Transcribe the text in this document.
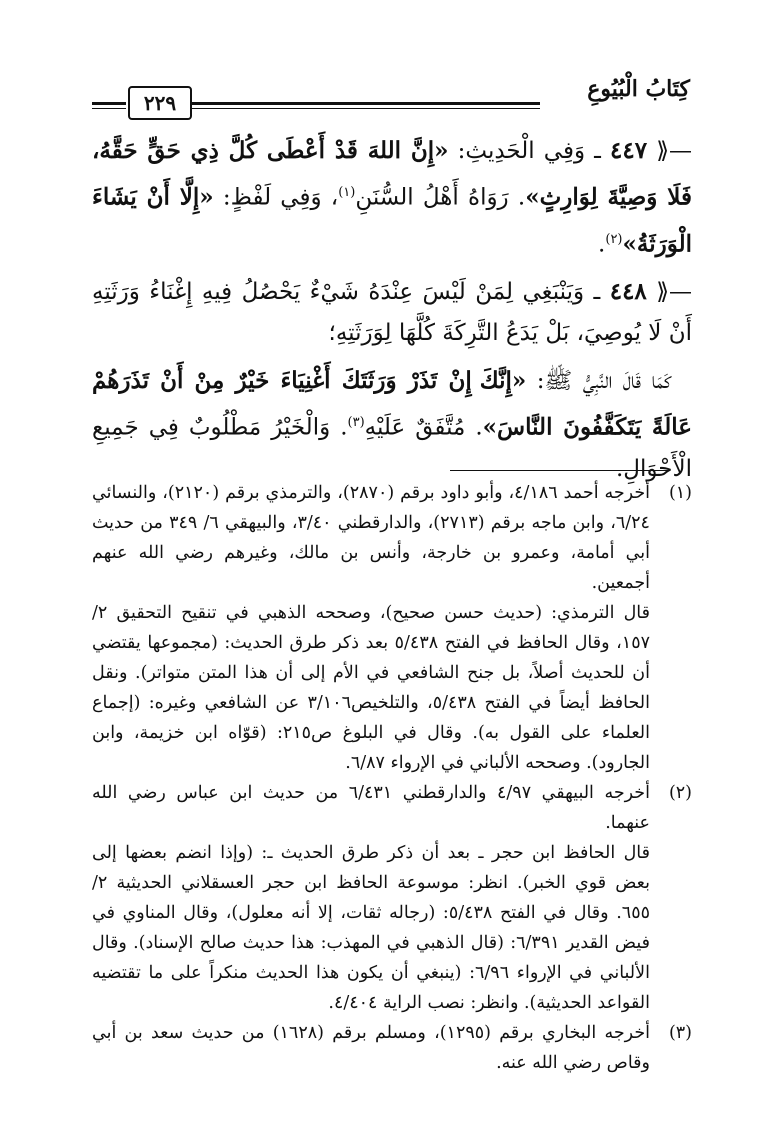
كِتَابُ الْبُيُوعِ
٢٢٩

—⟪ ٤٤٧ ـ وَفِي الْحَدِيثِ: «إِنَّ اللهَ قَدْ أَعْطَى كُلَّ ذِي حَقٍّ حَقَّهُ، فَلَا وَصِيَّةَ لِوَارِثٍ». رَوَاهُ أَهْلُ السُّنَنِ$^{(١)}$، وَفِي لَفْظٍ: «إِلَّا أَنْ يَشَاءَ الْوَرَثَةُ»$^{(٢)}$.

—⟪ ٤٤٨ ـ وَيَنْبَغِي لِمَنْ لَيْسَ عِنْدَهُ شَيْءٌ يَحْصُلُ فِيهِ إِغْنَاءُ وَرَثَتِهِ أَنْ لَا يُوصِيَ، بَلْ يَدَعُ التَّرِكَةَ كُلَّهَا لِوَرَثَتِهِ؛

كَمَا قَالَ النَّبِيُّ ﷺ: «إِنَّكَ إِنْ تَذَرْ وَرَثَتَكَ أَغْنِيَاءَ خَيْرٌ مِنْ أَنْ تَذَرَهُمْ عَالَةً يَتَكَفَّفُونَ النَّاسَ». مُتَّفَقٌ عَلَيْهِ$^{(٣)}$. وَالْخَيْرُ مَطْلُوبٌ فِي جَمِيعِ الْأَحْوَالِ.

(١)

أخرجه أحمد ٤/١٨٦، وأبو داود برقم (٢٨٧٠)، والترمذي برقم (٢١٢٠)، والنسائي ٦/٢٤، وابن ماجه برقم (٢٧١٣)، والدارقطني ٣/٤٠، والبيهقي ٦/ ٣٤٩ من حديث أبي أمامة، وعمرو بن خارجة، وأنس بن مالك، وغيرهم رضي الله عنهم أجمعين.

قال الترمذي: (حديث حسن صحيح)، وصححه الذهبي في تنقيح التحقيق ٢/ ١٥٧، وقال الحافظ في الفتح ٥/٤٣٨ بعد ذكر طرق الحديث: (مجموعها يقتضي أن للحديث أصلاً، بل جنح الشافعي في الأم إلى أن هذا المتن متواتر). ونقل الحافظ أيضاً في الفتح ٥/٤٣٨، والتلخيص٣/١٠٦ عن الشافعي وغيره: (إجماع العلماء على القول به). وقال في البلوغ ص٢١٥: (قوّاه ابن خزيمة، وابن الجارود). وصححه الألباني في الإرواء ٦/٨٧.

(٢)

أخرجه البيهقي ٤/٩٧ والدارقطني ٦/٤٣١ من حديث ابن عباس رضي الله عنهما.

قال الحافظ ابن حجر ـ بعد أن ذكر طرق الحديث ـ: (وإذا انضم بعضها إلى بعض قوي الخبر). انظر: موسوعة الحافظ ابن حجر العسقلاني الحديثية ٢/ ٦٥٥. وقال في الفتح ٥/٤٣٨: (رجاله ثقات، إلا أنه معلول)، وقال المناوي في فيض القدير ٦/٣٩١: (قال الذهبي في المهذب: هذا حديث صالح الإسناد). وقال الألباني في الإرواء ٦/٩٦: (ينبغي أن يكون هذا الحديث منكراً على ما تقتضيه القواعد الحديثية). وانظر: نصب الراية ٤/٤٠٤.

(٣)

أخرجه البخاري برقم (١٢٩٥)، ومسلم برقم (١٦٢٨) من حديث سعد بن أبي وقاص رضي الله عنه.
